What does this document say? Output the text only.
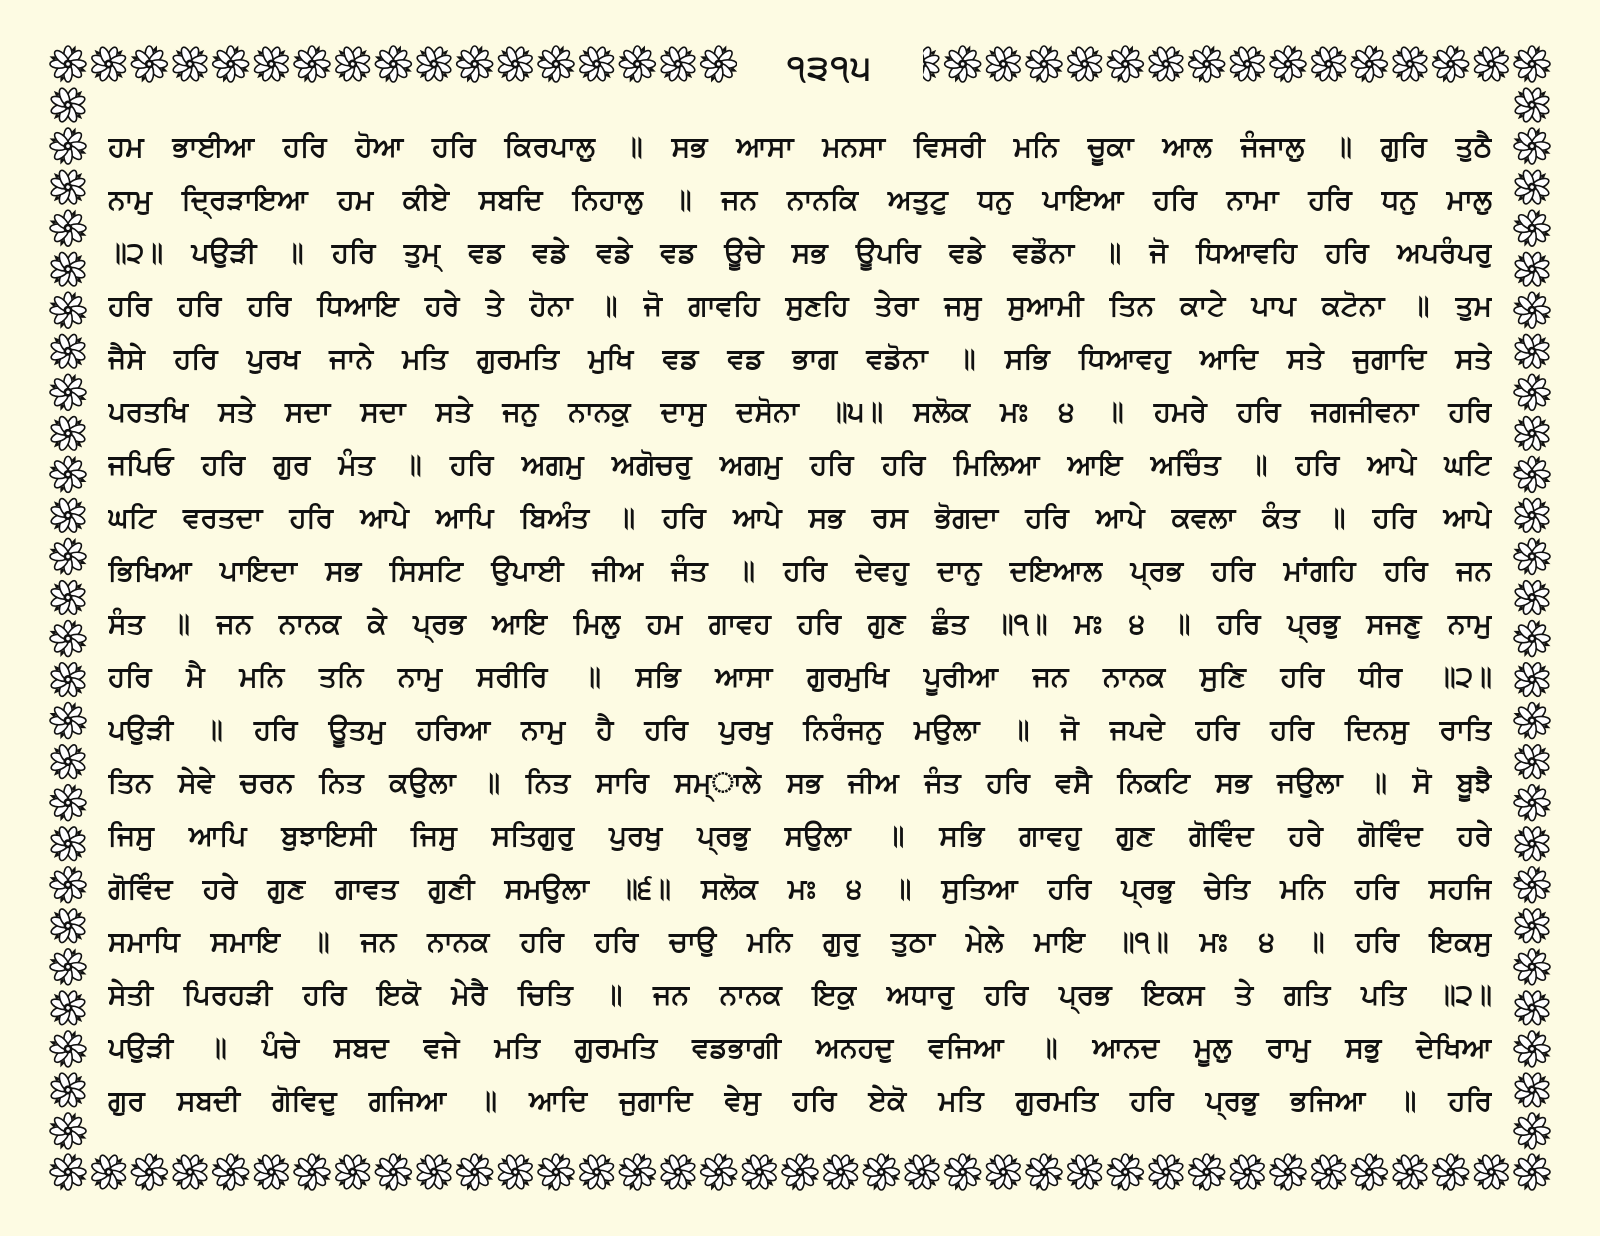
੧੩੧੫
ਹਮ ਭਾਈਆ ਹਰਿ ਹੋਆ ਹਰਿ ਕਿਰਪਾਲੁ ॥ ਸਭ ਆਸਾ ਮਨਸਾ ਵਿਸਰੀ ਮਨਿ ਚੂਕਾ ਆਲ ਜੰਜਾਲੁ ॥ ਗੁਰਿ ਤੁਠੈ
ਨਾਮੁ ਦ੍ਰਿੜਾਇਆ ਹਮ ਕੀਏ ਸਬਦਿ ਨਿਹਾਲੁ ॥ ਜਨ ਨਾਨਕਿ ਅਤੁਟੁ ਧਨੁ ਪਾਇਆ ਹਰਿ ਨਾਮਾ ਹਰਿ ਧਨੁ ਮਾਲੁ
॥੨॥ ਪਉੜੀ ॥ ਹਰਿ ਤੁਮ੍ ਵਡ ਵਡੇ ਵਡੇ ਵਡ ਊਚੇ ਸਭ ਊਪਰਿ ਵਡੇ ਵਡੌਨਾ ॥ ਜੋ ਧਿਆਵਹਿ ਹਰਿ ਅਪਰੰਪਰੁ
ਹਰਿ ਹਰਿ ਹਰਿ ਧਿਆਇ ਹਰੇ ਤੇ ਹੋਨਾ ॥ ਜੋ ਗਾਵਹਿ ਸੁਣਹਿ ਤੇਰਾ ਜਸੁ ਸੁਆਮੀ ਤਿਨ ਕਾਟੇ ਪਾਪ ਕਟੋਨਾ ॥ ਤੁਮ
ਜੈਸੇ ਹਰਿ ਪੁਰਖ ਜਾਨੇ ਮਤਿ ਗੁਰਮਤਿ ਮੁਖਿ ਵਡ ਵਡ ਭਾਗ ਵਡੋਨਾ ॥ ਸਭਿ ਧਿਆਵਹੁ ਆਦਿ ਸਤੇ ਜੁਗਾਦਿ ਸਤੇ
ਪਰਤਖਿ ਸਤੇ ਸਦਾ ਸਦਾ ਸਤੇ ਜਨੁ ਨਾਨਕੁ ਦਾਸੁ ਦਸੋਨਾ ॥੫॥ ਸਲੋਕ ਮਃ ੪ ॥ ਹਮਰੇ ਹਰਿ ਜਗਜੀਵਨਾ ਹਰਿ
ਜਪਿਓ ਹਰਿ ਗੁਰ ਮੰਤ ॥ ਹਰਿ ਅਗਮੁ ਅਗੋਚਰੁ ਅਗਮੁ ਹਰਿ ਹਰਿ ਮਿਲਿਆ ਆਇ ਅਚਿੰਤ ॥ ਹਰਿ ਆਪੇ ਘਟਿ
ਘਟਿ ਵਰਤਦਾ ਹਰਿ ਆਪੇ ਆਪਿ ਬਿਅੰਤ ॥ ਹਰਿ ਆਪੇ ਸਭ ਰਸ ਭੋਗਦਾ ਹਰਿ ਆਪੇ ਕਵਲਾ ਕੰਤ ॥ ਹਰਿ ਆਪੇ
ਭਿਖਿਆ ਪਾਇਦਾ ਸਭ ਸਿਸਟਿ ਉਪਾਈ ਜੀਅ ਜੰਤ ॥ ਹਰਿ ਦੇਵਹੁ ਦਾਨੁ ਦਇਆਲ ਪ੍ਰਭ ਹਰਿ ਮਾਂਗਹਿ ਹਰਿ ਜਨ
ਸੰਤ ॥ ਜਨ ਨਾਨਕ ਕੇ ਪ੍ਰਭ ਆਇ ਮਿਲੁ ਹਮ ਗਾਵਹ ਹਰਿ ਗੁਣ ਛੰਤ ॥੧॥ ਮਃ ੪ ॥ ਹਰਿ ਪ੍ਰਭੁ ਸਜਣੁ ਨਾਮੁ
ਹਰਿ ਮੈ ਮਨਿ ਤਨਿ ਨਾਮੁ ਸਰੀਰਿ ॥ ਸਭਿ ਆਸਾ ਗੁਰਮੁਖਿ ਪੂਰੀਆ ਜਨ ਨਾਨਕ ਸੁਣਿ ਹਰਿ ਧੀਰ ॥੨॥
ਪਉੜੀ ॥ ਹਰਿ ਊਤਮੁ ਹਰਿਆ ਨਾਮੁ ਹੈ ਹਰਿ ਪੁਰਖੁ ਨਿਰੰਜਨੁ ਮਉਲਾ ॥ ਜੋ ਜਪਦੇ ਹਰਿ ਹਰਿ ਦਿਨਸੁ ਰਾਤਿ
ਤਿਨ ਸੇਵੇ ਚਰਨ ਨਿਤ ਕਉਲਾ ॥ ਨਿਤ ਸਾਰਿ ਸਮ੍ਾਲੇ ਸਭ ਜੀਅ ਜੰਤ ਹਰਿ ਵਸੈ ਨਿਕਟਿ ਸਭ ਜਉਲਾ ॥ ਸੋ ਬੂਝੈ
ਜਿਸੁ ਆਪਿ ਬੁਝਾਇਸੀ ਜਿਸੁ ਸਤਿਗੁਰੁ ਪੁਰਖੁ ਪ੍ਰਭੁ ਸਉਲਾ ॥ ਸਭਿ ਗਾਵਹੁ ਗੁਣ ਗੋਵਿੰਦ ਹਰੇ ਗੋਵਿੰਦ ਹਰੇ
ਗੋਵਿੰਦ ਹਰੇ ਗੁਣ ਗਾਵਤ ਗੁਣੀ ਸਮਉਲਾ ॥੬॥ ਸਲੋਕ ਮਃ ੪ ॥ ਸੁਤਿਆ ਹਰਿ ਪ੍ਰਭੁ ਚੇਤਿ ਮਨਿ ਹਰਿ ਸਹਜਿ
ਸਮਾਧਿ ਸਮਾਇ ॥ ਜਨ ਨਾਨਕ ਹਰਿ ਹਰਿ ਚਾਉ ਮਨਿ ਗੁਰੁ ਤੁਠਾ ਮੇਲੇ ਮਾਇ ॥੧॥ ਮਃ ੪ ॥ ਹਰਿ ਇਕਸੁ
ਸੇਤੀ ਪਿਰਹੜੀ ਹਰਿ ਇਕੋ ਮੇਰੈ ਚਿਤਿ ॥ ਜਨ ਨਾਨਕ ਇਕੁ ਅਧਾਰੁ ਹਰਿ ਪ੍ਰਭ ਇਕਸ ਤੇ ਗਤਿ ਪਤਿ ॥੨॥
ਪਉੜੀ ॥ ਪੰਚੇ ਸਬਦ ਵਜੇ ਮਤਿ ਗੁਰਮਤਿ ਵਡਭਾਗੀ ਅਨਹਦੁ ਵਜਿਆ ॥ ਆਨਦ ਮੂਲੁ ਰਾਮੁ ਸਭੁ ਦੇਖਿਆ
ਗੁਰ ਸਬਦੀ ਗੋਵਿਦੁ ਗਜਿਆ ॥ ਆਦਿ ਜੁਗਾਦਿ ਵੇਸੁ ਹਰਿ ਏਕੋ ਮਤਿ ਗੁਰਮਤਿ ਹਰਿ ਪ੍ਰਭੁ ਭਜਿਆ ॥ ਹਰਿ
